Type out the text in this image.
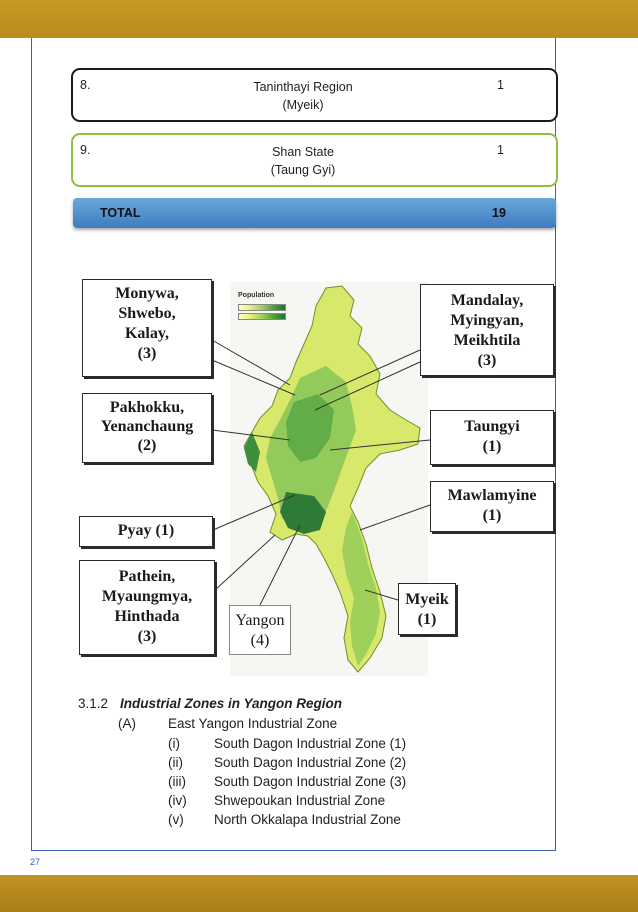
8.	Taninthayi Region
(Myeik)
1
9.	Shan State
(Taung Gyi)
1
TOTAL	19
Population
Monywa,
Shwebo,
Kalay,
(3)
Mandalay,
Myingyan,
Meikhtila
(3)
Pakhokku,
Yenanchaung
(2)
Taungyi
(1)
Mawlamyine
(1)
Pyay (1)
Pathein,
Myaungmya,
Hinthada
(3)
Yangon
(4)
Myeik
(1)
3.1.2 Industrial Zones in Yangon Region
(A) East Yangon Industrial Zone
(i)	South Dagon Industrial Zone (1)
(ii) South Dagon Industrial Zone (2)
(iii) South Dagon Industrial Zone (3)
(iv) Shwepoukan Industrial Zone
(v) North Okkalapa Industrial Zone
27
